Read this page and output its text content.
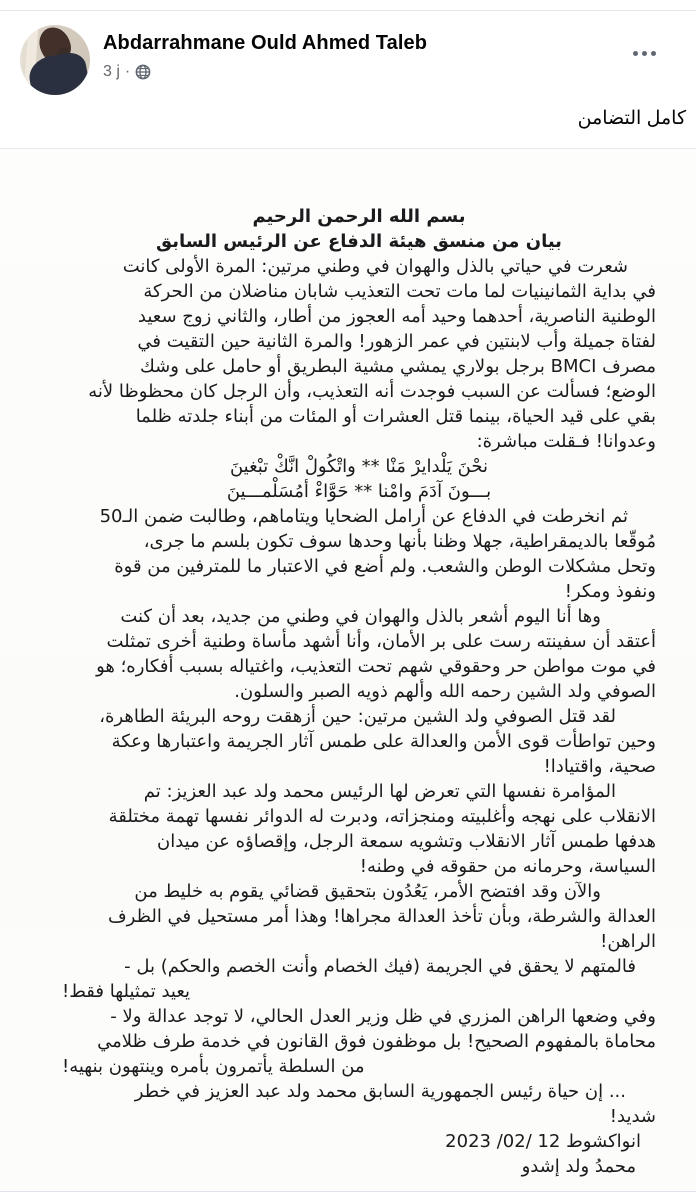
Abdarrahmane Ould Ahmed Taleb
3 j ·
كامل التضامن
بسم الله الرحمن الرحيم
بيان من منسق هيئة الدفاع عن الرئيس السابق
شعرت في حياتي بالذل والهوان في وطني مرتين: المرة الأولى كانت
في بداية الثمانينيات لما مات تحت التعذيب شابان مناضلان من الحركة
الوطنية الناصرية، أحدهما وحيد أمه العجوز من أطار، والثاني زوج سعيد
لفتاة جميلة وأب لابنتين في عمر الزهور! والمرة الثانية حين التقيت في
مصرف BMCI برجل بولاري يمشي مشية البطريق أو حامل على وشك
الوضع؛ فسألت عن السبب فوجدت أنه التعذيب، وأن الرجل كان محظوظا لأنه
بقي على قيد الحياة، بينما قتل العشرات أو المئات من أبناء جلدته ظلما
وعدوانا! فـقلت مباشرة:
نحْنَ يَلْدايرْ مَنْا ** واتْكُولْ انَّكْ تبْغينَ
بـــونَ آدَمَ وامْنا ** حَوَّاءْ أمُسَلْمـــينَ
ثم انخرطت في الدفاع عن أرامل الضحايا ويتاماهم، وطالبت ضمن الـ50
مُوقّعا بالديمقراطية، جهلا وظنا بأنها وحدها سوف تكون بلسم ما جرى،
وتحل مشكلات الوطن والشعب. ولم أضع في الاعتبار ما للمترفين من قوة
ونفوذ ومكر!
وها أنا اليوم أشعر بالذل والهوان في وطني من جديد، بعد أن كنت
أعتقد أن سفينته رست على بر الأمان، وأنا أشهد مأساة وطنية أخرى تمثلت
في موت مواطن حر وحقوقي شهم تحت التعذيب، واغتياله بسبب أفكاره؛ هو
الصوفي ولد الشين رحمه الله وألهم ذويه الصبر والسلون.
لقد قتل الصوفي ولد الشين مرتين: حين أزهقت روحه البريئة الطاهرة،
وحين تواطأت قوى الأمن والعدالة على طمس آثار الجريمة واعتبارها وعكة
صحية، واقتيادا!
المؤامرة نفسها التي تعرض لها الرئيس محمد ولد عبد العزيز: تم
الانقلاب على نهجه وأغلبيته ومنجزاته، ودبرت له الدوائر نفسها تهمة مختلقة
هدفها طمس آثار الانقلاب وتشويه سمعة الرجل، وإقصاؤه عن ميدان
السياسة، وحرمانه من حقوقه في وطنه!
والآن وقد افتضح الأمر، يَعُدُون بتحقيق قضائي يقوم به خليط من
العدالة والشرطة، وبأن تأخذ العدالة مجراها! وهذا أمر مستحيل في الظرف
الراهن!
فالمتهم لا يحقق في الجريمة (فيك الخصام وأنت الخصم والحكم) بل -
يعيد تمثيلها فقط!
وفي وضعها الراهن المزري في ظل وزير العدل الحالي، لا توجد عدالة ولا -
محاماة بالمفهوم الصحيح! بل موظفون فوق القانون في خدمة طرف ظلامي
من السلطة يأتمرون بأمره وينتهون بنهيه!
... إن حياة رئيس الجمهورية السابق محمد ولد عبد العزيز في خطر
شديد!
انواكشوط 12 /02/ 2023
محمدُ ولد إشدو
